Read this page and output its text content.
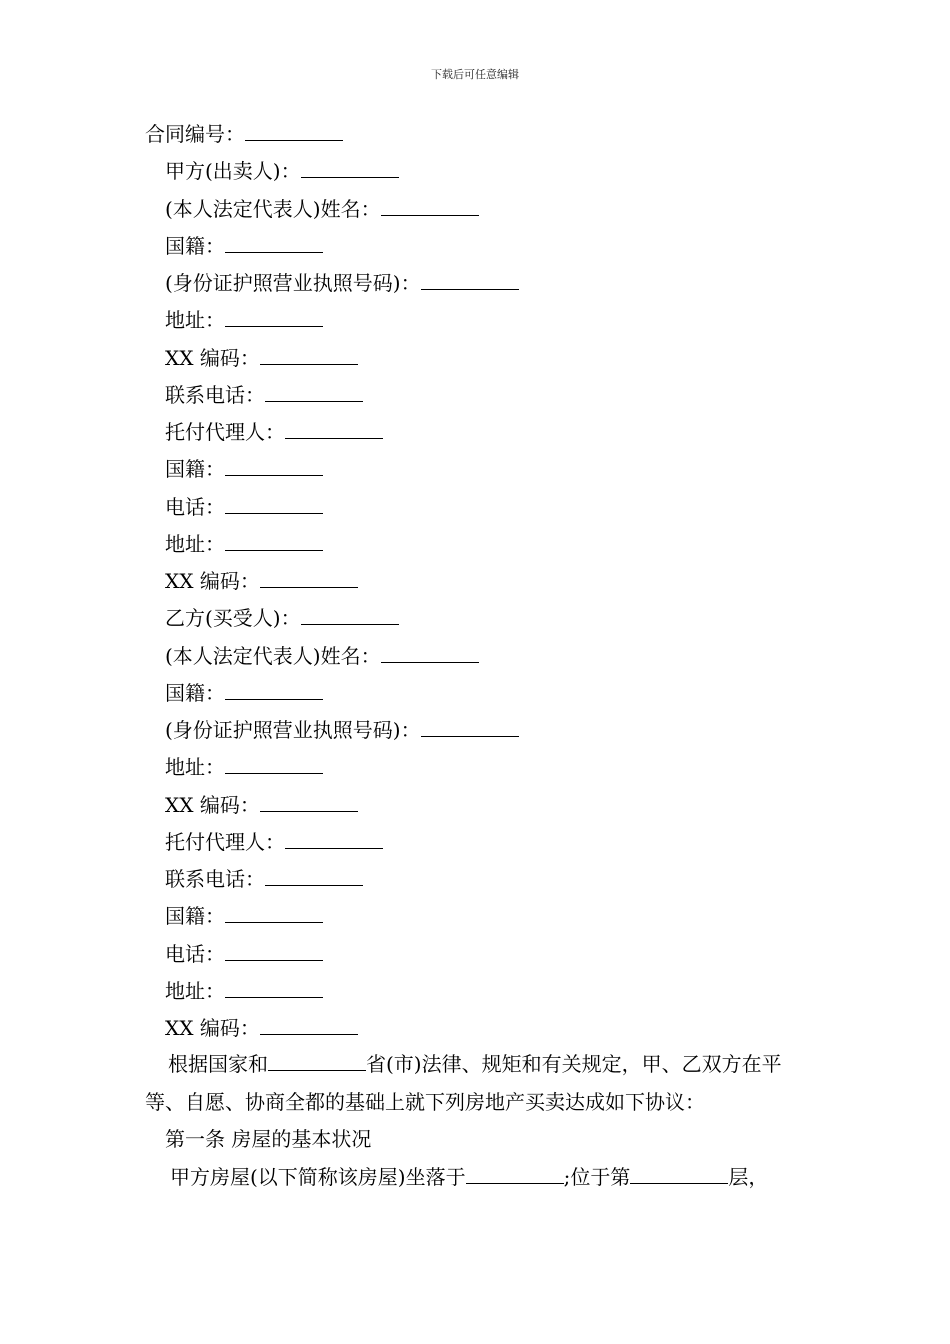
下载后可任意编辑
合同编号：
甲方(出卖人)：
(本人法定代表人)姓名：
国籍：
(身份证护照营业执照号码)：
地址：
XX 编码：
联系电话：
托付代理人：
国籍：
电话：
地址：
XX 编码：
乙方(买受人)：
(本人法定代表人)姓名：
国籍：
(身份证护照营业执照号码)：
地址：
XX 编码：
托付代理人：
联系电话：
国籍：
电话：
地址：
XX 编码：
根据国家和	省(市)法律、规矩和有关规定，甲、乙双方在平等、自愿、协商全都的基础上就下列房地产买卖达成如下协议：
第一条 房屋的基本状况
甲方房屋(以下简称该房屋)坐落于	;位于第	层，
